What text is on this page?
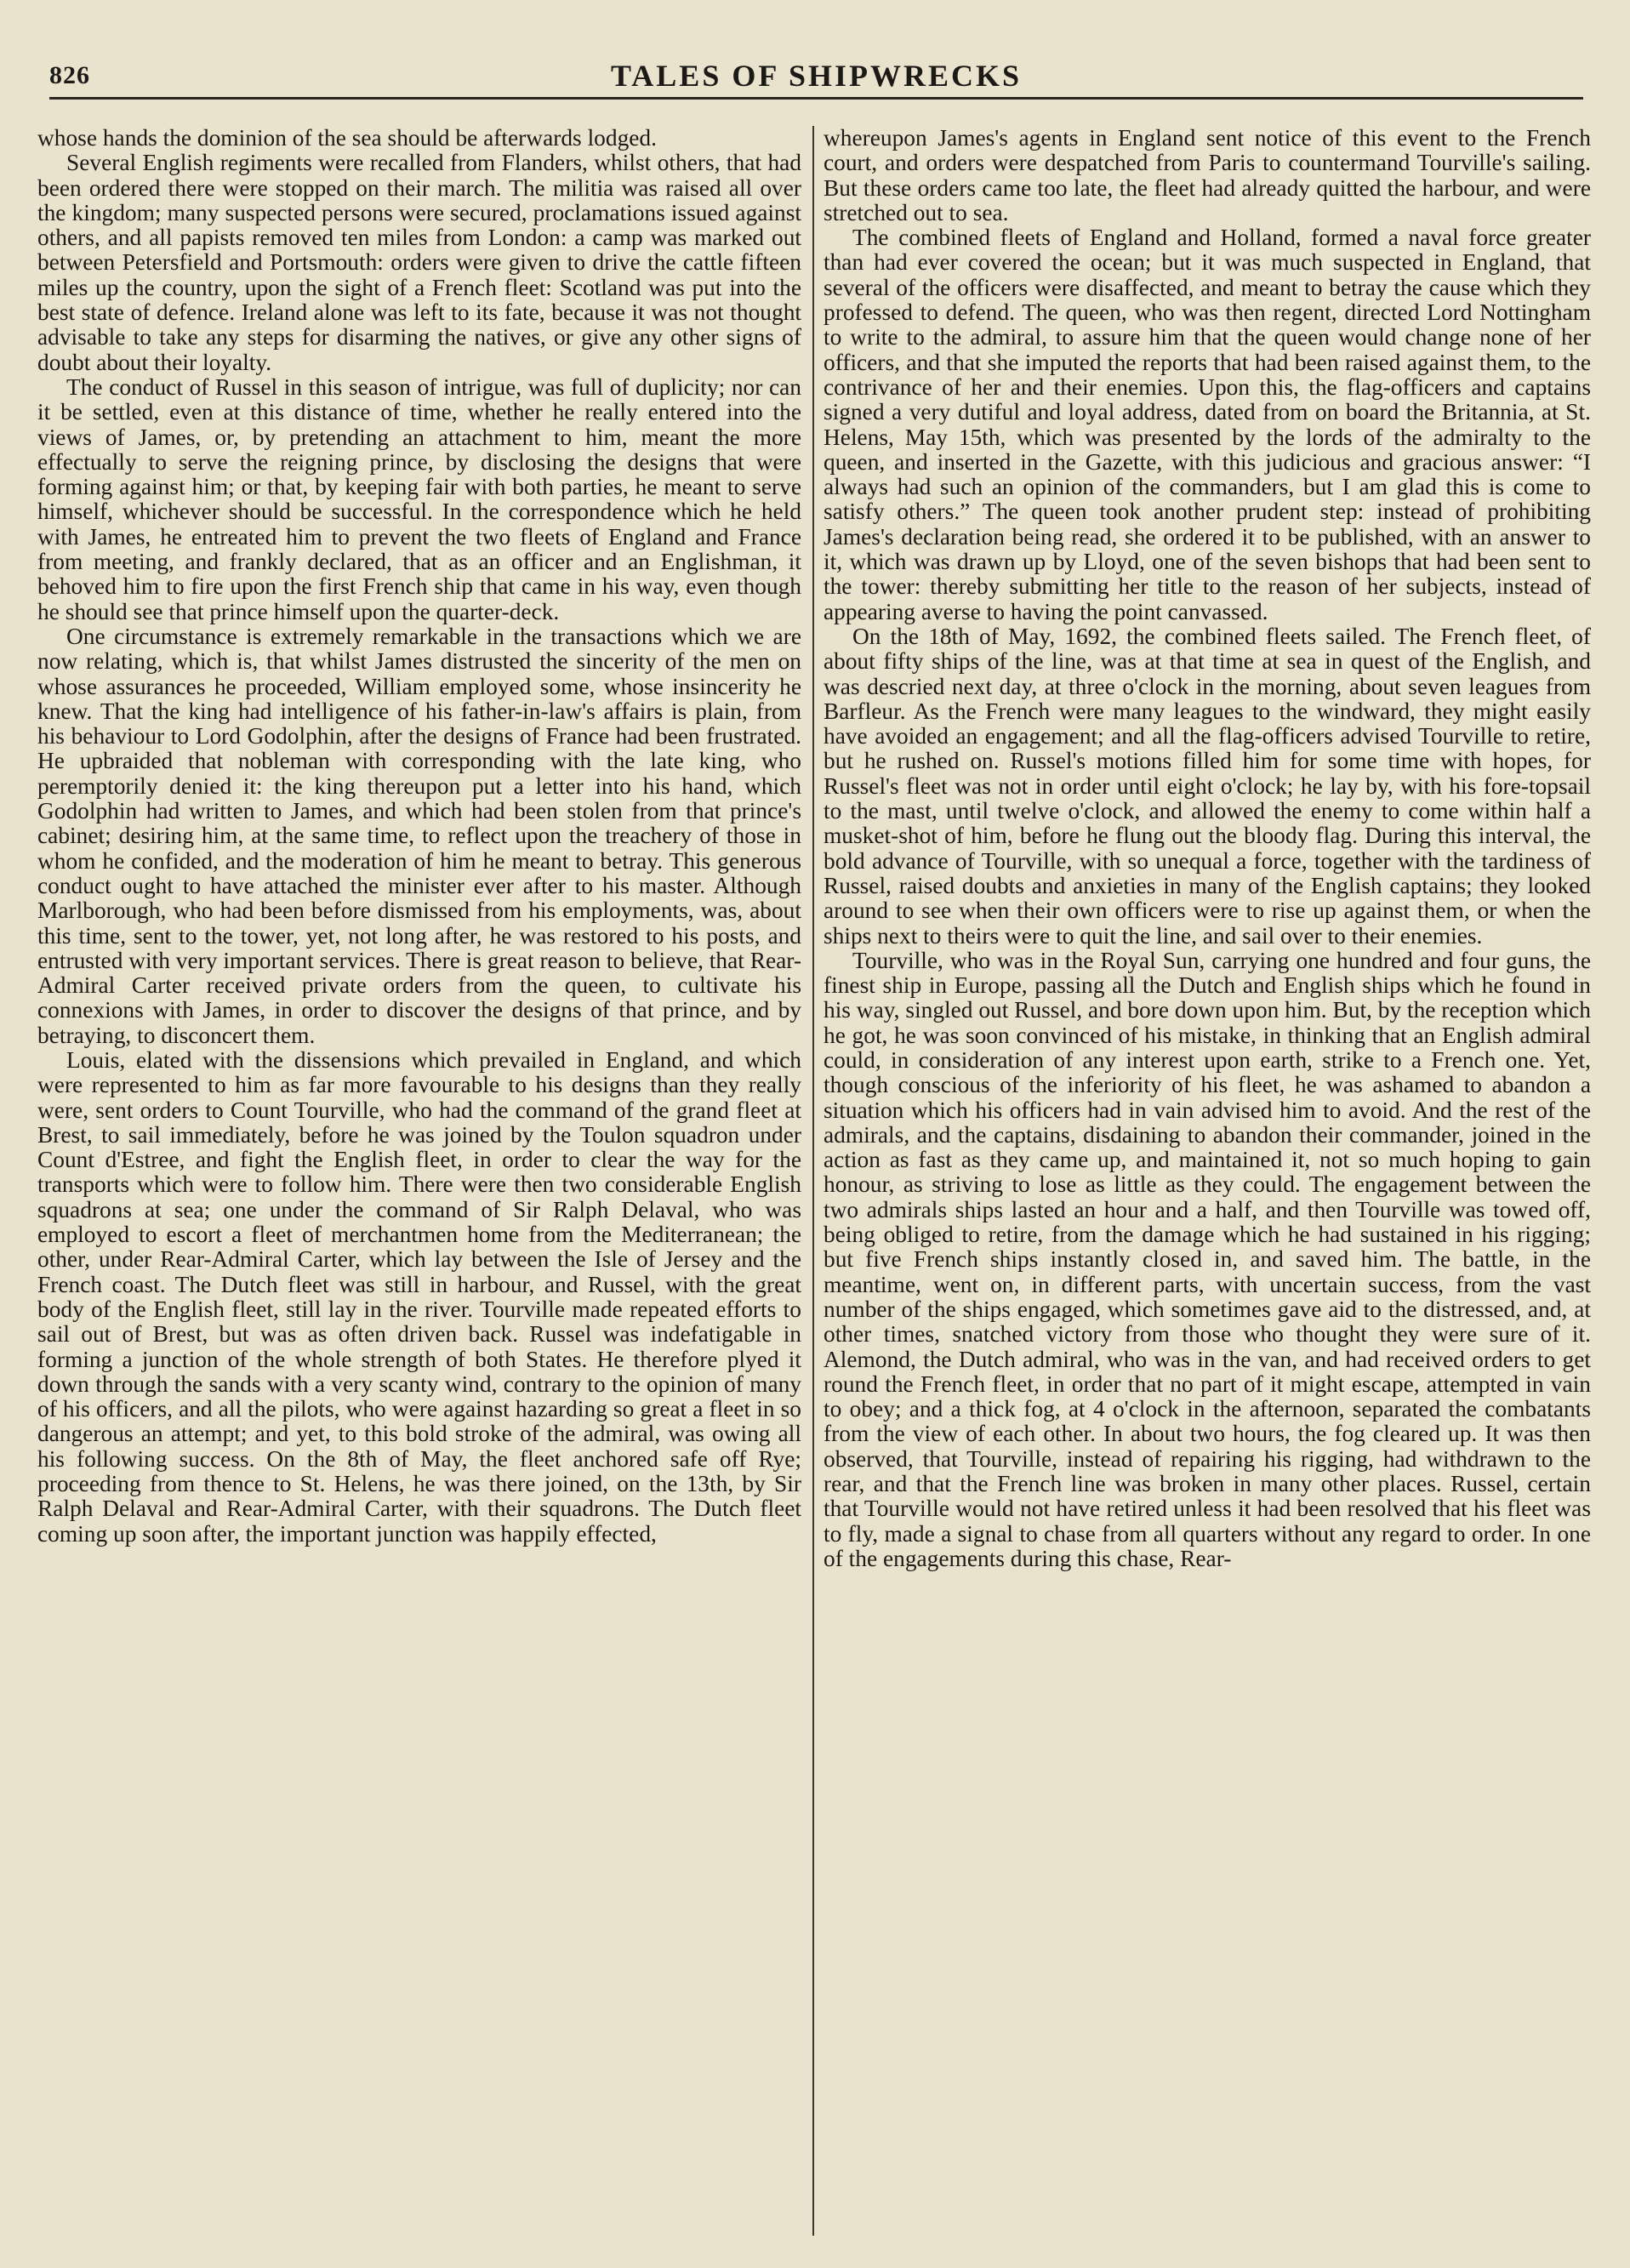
826	TALES OF SHIPWRECKS

whose hands the dominion of the sea should be afterwards lodged.

Several English regiments were recalled from Flanders, whilst others, that had been ordered there were stopped on their march. The militia was raised all over the kingdom; many suspected persons were secured, proclamations issued against others, and all papists removed ten miles from London: a camp was marked out between Petersfield and Portsmouth: orders were given to drive the cattle fifteen miles up the country, upon the sight of a French fleet: Scotland was put into the best state of defence. Ireland alone was left to its fate, because it was not thought advisable to take any steps for disarming the natives, or give any other signs of doubt about their loyalty.

The conduct of Russel in this season of intrigue, was full of duplicity; nor can it be settled, even at this distance of time, whether he really entered into the views of James, or, by pretending an attachment to him, meant the more effectually to serve the reigning prince, by disclosing the designs that were forming against him; or that, by keeping fair with both parties, he meant to serve himself, whichever should be successful. In the correspondence which he held with James, he entreated him to prevent the two fleets of England and France from meeting, and frankly declared, that as an officer and an Englishman, it behoved him to fire upon the first French ship that came in his way, even though he should see that prince himself upon the quarter-deck.

One circumstance is extremely remarkable in the transactions which we are now relating, which is, that whilst James distrusted the sincerity of the men on whose assurances he proceeded, William employed some, whose insincerity he knew. That the king had intelligence of his father-in-law's affairs is plain, from his behaviour to Lord Godolphin, after the designs of France had been frustrated. He upbraided that nobleman with corresponding with the late king, who peremptorily denied it: the king thereupon put a letter into his hand, which Godolphin had written to James, and which had been stolen from that prince's cabinet; desiring him, at the same time, to reflect upon the treachery of those in whom he confided, and the moderation of him he meant to betray. This generous conduct ought to have attached the minister ever after to his master. Although Marlborough, who had been before dismissed from his employments, was, about this time, sent to the tower, yet, not long after, he was restored to his posts, and entrusted with very important services. There is great reason to believe, that Rear-Admiral Carter received private orders from the queen, to cultivate his connexions with James, in order to discover the designs of that prince, and by betraying, to disconcert them.

Louis, elated with the dissensions which prevailed in England, and which were represented to him as far more favourable to his designs than they really were, sent orders to Count Tourville, who had the command of the grand fleet at Brest, to sail immediately, before he was joined by the Toulon squadron under Count d'Estree, and fight the English fleet, in order to clear the way for the transports which were to follow him. There were then two considerable English squadrons at sea; one under the command of Sir Ralph Delaval, who was employed to escort a fleet of merchantmen home from the Mediterranean; the other, under Rear-Admiral Carter, which lay between the Isle of Jersey and the French coast. The Dutch fleet was still in harbour, and Russel, with the great body of the English fleet, still lay in the river. Tourville made repeated efforts to sail out of Brest, but was as often driven back. Russel was indefatigable in forming a junction of the whole strength of both States. He therefore plyed it down through the sands with a very scanty wind, contrary to the opinion of many of his officers, and all the pilots, who were against hazarding so great a fleet in so dangerous an attempt; and yet, to this bold stroke of the admiral, was owing all his following success. On the 8th of May, the fleet anchored safe off Rye; proceeding from thence to St. Helens, he was there joined, on the 13th, by Sir Ralph Delaval and Rear-Admiral Carter, with their squadrons. The Dutch fleet coming up soon after, the important junction was happily effected,

whereupon James's agents in England sent notice of this event to the French court, and orders were despatched from Paris to countermand Tourville's sailing. But these orders came too late, the fleet had already quitted the harbour, and were stretched out to sea.

The combined fleets of England and Holland, formed a naval force greater than had ever covered the ocean; but it was much suspected in England, that several of the officers were disaffected, and meant to betray the cause which they professed to defend. The queen, who was then regent, directed Lord Nottingham to write to the admiral, to assure him that the queen would change none of her officers, and that she imputed the reports that had been raised against them, to the contrivance of her and their enemies. Upon this, the flag-officers and captains signed a very dutiful and loyal address, dated from on board the Britannia, at St. Helens, May 15th, which was presented by the lords of the admiralty to the queen, and inserted in the Gazette, with this judicious and gracious answer: “I always had such an opinion of the commanders, but I am glad this is come to satisfy others.” The queen took another prudent step: instead of prohibiting James's declaration being read, she ordered it to be published, with an answer to it, which was drawn up by Lloyd, one of the seven bishops that had been sent to the tower: thereby submitting her title to the reason of her subjects, instead of appearing averse to having the point canvassed.

On the 18th of May, 1692, the combined fleets sailed. The French fleet, of about fifty ships of the line, was at that time at sea in quest of the English, and was descried next day, at three o'clock in the morning, about seven leagues from Barfleur. As the French were many leagues to the windward, they might easily have avoided an engagement; and all the flag-officers advised Tourville to retire, but he rushed on. Russel's motions filled him for some time with hopes, for Russel's fleet was not in order until eight o'clock; he lay by, with his fore-topsail to the mast, until twelve o'clock, and allowed the enemy to come within half a musket-shot of him, before he flung out the bloody flag. During this interval, the bold advance of Tourville, with so unequal a force, together with the tardiness of Russel, raised doubts and anxieties in many of the English captains; they looked around to see when their own officers were to rise up against them, or when the ships next to theirs were to quit the line, and sail over to their enemies.

Tourville, who was in the Royal Sun, carrying one hundred and four guns, the finest ship in Europe, passing all the Dutch and English ships which he found in his way, singled out Russel, and bore down upon him. But, by the reception which he got, he was soon convinced of his mistake, in thinking that an English admiral could, in consideration of any interest upon earth, strike to a French one. Yet, though conscious of the inferiority of his fleet, he was ashamed to abandon a situation which his officers had in vain advised him to avoid. And the rest of the admirals, and the captains, disdaining to abandon their commander, joined in the action as fast as they came up, and maintained it, not so much hoping to gain honour, as striving to lose as little as they could. The engagement between the two admirals ships lasted an hour and a half, and then Tourville was towed off, being obliged to retire, from the damage which he had sustained in his rigging; but five French ships instantly closed in, and saved him. The battle, in the meantime, went on, in different parts, with uncertain success, from the vast number of the ships engaged, which sometimes gave aid to the distressed, and, at other times, snatched victory from those who thought they were sure of it. Alemond, the Dutch admiral, who was in the van, and had received orders to get round the French fleet, in order that no part of it might escape, attempted in vain to obey; and a thick fog, at 4 o'clock in the afternoon, separated the combatants from the view of each other. In about two hours, the fog cleared up. It was then observed, that Tourville, instead of repairing his rigging, had withdrawn to the rear, and that the French line was broken in many other places. Russel, certain that Tourville would not have retired unless it had been resolved that his fleet was to fly, made a signal to chase from all quarters without any regard to order. In one of the engagements during this chase, Rear-
